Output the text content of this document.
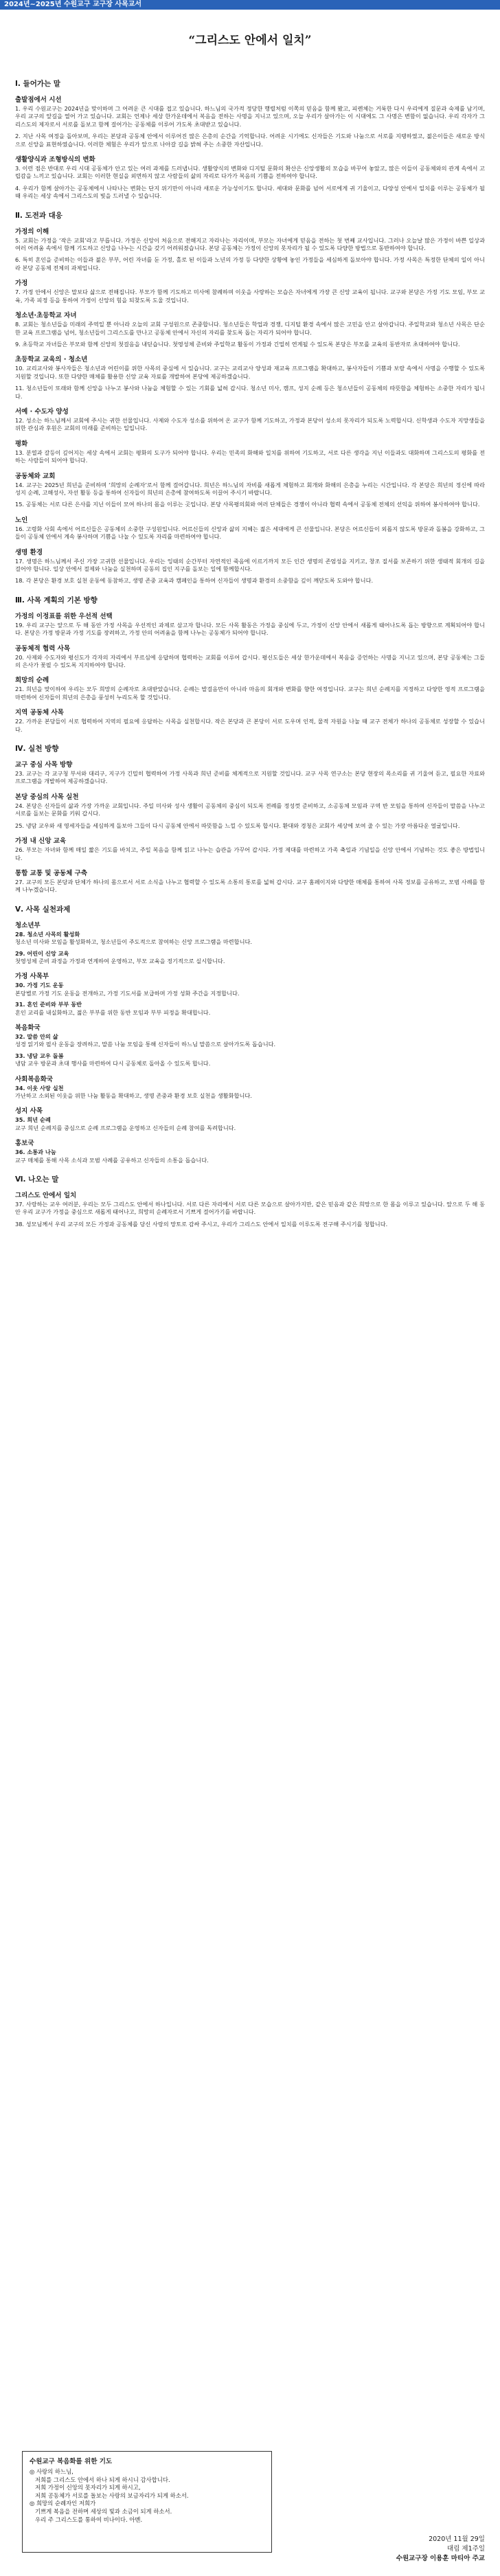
2024년~2025년 수원교구 교구장 사목교서
“그리스도 안에서 일치”
Ⅰ. 들어가는 말
출발점에서 시선

1. 우리 수원교구는 2024년을 맞이하며 그 어려운 큰 시대를 접고 있습니다. 하느님의 국가적 정당한 행렬처럼 이쪽의 믿음을 함께 봤고, 피렌체는 거룩한 다시 우리에게 질문과 숙제를 남기며, 우리 교구의 앞길을 열어 가고 있습니다. 교회는 언제나 세상 한가운데에서 복음을 전하는 사명을 지니고 있으며, 오늘 우리가 살아가는 이 시대에도 그 사명은 변함이 없습니다. 우리 각자가 그리스도의 제자로서 서로를 돌보고 함께 걸어가는 공동체를 이루어 가도록 초대받고 있습니다.

2. 지난 사목 여정을 돌아보며, 우리는 본당과 공동체 안에서 이루어진 많은 은총의 순간을 기억합니다. 어려운 시기에도 신자들은 기도와 나눔으로 서로를 지탱하였고, 젊은이들은 새로운 방식으로 신앙을 표현하였습니다. 이러한 체험은 우리가 앞으로 나아갈 길을 밝혀 주는 소중한 자산입니다.

생활양식과 조형방식의 변화

3. 이런 점은 반대로 우리 시대 공동체가 안고 있는 여러 과제를 드러냅니다. 생활양식의 변화와 디지털 문화의 확산은 신앙생활의 모습을 바꾸어 놓았고, 많은 이들이 공동체와의 관계 속에서 고립감을 느끼고 있습니다. 교회는 이러한 현실을 외면하지 않고 사람들의 삶의 자리로 다가가 복음의 기쁨을 전하여야 합니다.

4. 우리가 함께 살아가는 공동체에서 나타나는 변화는 단지 위기만이 아니라 새로운 가능성이기도 합니다. 세대와 문화를 넘어 서로에게 귀 기울이고, 다양성 안에서 일치를 이루는 공동체가 될 때 우리는 세상 속에서 그리스도의 빛을 드러낼 수 있습니다.

Ⅱ. 도전과 대응
가정의 이해

5. 교회는 가정을 ‘작은 교회’라고 부릅니다. 가정은 신앙이 처음으로 전해지고 자라나는 자리이며, 부모는 자녀에게 믿음을 전하는 첫 번째 교사입니다. 그러나 오늘날 많은 가정이 바쁜 일상과 여러 어려움 속에서 함께 기도하고 신앙을 나누는 시간을 갖기 어려워졌습니다. 본당 공동체는 가정이 신앙의 못자리가 될 수 있도록 다양한 방법으로 동반하여야 합니다.

6. 특히 혼인을 준비하는 이들과 젊은 부부, 어린 자녀를 둔 가정, 홀로 된 이들과 노년의 가정 등 다양한 상황에 놓인 가정들을 세심하게 돌보아야 합니다. 가정 사목은 특정한 단체의 일이 아니라 본당 공동체 전체의 과제입니다.

가정

7. 가정 안에서 신앙은 말보다 삶으로 전해집니다. 부모가 함께 기도하고 미사에 참례하며 이웃을 사랑하는 모습은 자녀에게 가장 큰 신앙 교육이 됩니다. 교구와 본당은 가정 기도 모임, 부모 교육, 가족 피정 등을 통하여 가정이 신앙의 힘을 되찾도록 도울 것입니다.

청소년·초등학교 자녀

8. 교회는 청소년들을 미래의 주역일 뿐 아니라 오늘의 교회 구성원으로 존중합니다. 청소년들은 학업과 경쟁, 디지털 환경 속에서 많은 고민을 안고 살아갑니다. 주일학교와 청소년 사목은 단순한 교육 프로그램을 넘어, 청소년들이 그리스도를 만나고 공동체 안에서 자신의 자리를 찾도록 돕는 자리가 되어야 합니다.

9. 초등학교 자녀들은 부모와 함께 신앙의 첫걸음을 내딛습니다. 첫영성체 준비와 주일학교 활동이 가정과 긴밀히 연계될 수 있도록 본당은 부모를 교육의 동반자로 초대하여야 합니다.

초등학교 교육의 · 청소년

10. 교리교사와 봉사자들은 청소년과 어린이를 위한 사목의 중심에 서 있습니다. 교구는 교리교사 양성과 재교육 프로그램을 확대하고, 봉사자들이 기쁨과 보람 속에서 사명을 수행할 수 있도록 지원할 것입니다. 또한 다양한 매체를 활용한 신앙 교육 자료를 개발하여 본당에 제공하겠습니다.

11. 청소년들이 또래와 함께 신앙을 나누고 봉사와 나눔을 체험할 수 있는 기회를 넓혀 갑시다. 청소년 미사, 캠프, 성지 순례 등은 청소년들이 공동체의 따뜻함을 체험하는 소중한 자리가 됩니다.

서예 · 수도자 양성

12. 성소는 하느님께서 교회에 주시는 귀한 선물입니다. 사제와 수도자 성소를 위하여 온 교구가 함께 기도하고, 가정과 본당이 성소의 못자리가 되도록 노력합시다. 신학생과 수도자 지망생들을 위한 관심과 후원은 교회의 미래를 준비하는 일입니다.

평화

13. 분열과 갈등이 깊어지는 세상 속에서 교회는 평화의 도구가 되어야 합니다. 우리는 민족의 화해와 일치를 위하여 기도하고, 서로 다른 생각을 지닌 이들과도 대화하며 그리스도의 평화를 전하는 사람들이 되어야 합니다.

공동체와 교회

14. 교구는 2025년 희년을 준비하며 ‘희망의 순례자’로서 함께 걸어갑니다. 희년은 하느님의 자비를 새롭게 체험하고 회개와 화해의 은총을 누리는 시간입니다. 각 본당은 희년의 정신에 따라 성지 순례, 고해성사, 자선 활동 등을 통하여 신자들이 희년의 은총에 참여하도록 이끌어 주시기 바랍니다.

15. 공동체는 서로 다른 은사를 지닌 이들이 모여 하나의 몸을 이루는 곳입니다. 본당 사목평의회와 여러 단체들은 경쟁이 아니라 협력 속에서 공동체 전체의 선익을 위하여 봉사하여야 합니다.

노인

16. 고령화 사회 속에서 어르신들은 공동체의 소중한 구성원입니다. 어르신들의 신앙과 삶의 지혜는 젊은 세대에게 큰 선물입니다. 본당은 어르신들이 외롭지 않도록 방문과 돌봄을 강화하고, 그들이 공동체 안에서 계속 봉사하며 기쁨을 나눌 수 있도록 자리를 마련하여야 합니다.

생명 환경

17. 생명은 하느님께서 주신 가장 고귀한 선물입니다. 우리는 잉태의 순간부터 자연적인 죽음에 이르기까지 모든 인간 생명의 존엄성을 지키고, 창조 질서를 보존하기 위한 생태적 회개의 길을 걸어야 합니다. 일상 안에서 절제와 나눔을 실천하며 공동의 집인 지구를 돌보는 일에 함께합시다.

18. 각 본당은 환경 보호 실천 운동에 동참하고, 생명 존중 교육과 캠페인을 통하여 신자들이 생명과 환경의 소중함을 깊이 깨닫도록 도와야 합니다.

Ⅲ. 사목 계획의 기본 방향
가정의 이정표를 위한 우선적 선택

19. 우리 교구는 앞으로 두 해 동안 가정 사목을 우선적인 과제로 삼고자 합니다. 모든 사목 활동은 가정을 중심에 두고, 가정이 신앙 안에서 새롭게 태어나도록 돕는 방향으로 계획되어야 합니다. 본당은 가정 방문과 가정 기도를 장려하고, 가정 안의 어려움을 함께 나누는 공동체가 되어야 합니다.

공동체적 협력 사목

20. 사제와 수도자와 평신도가 각자의 자리에서 부르심에 응답하며 협력하는 교회를 이루어 갑시다. 평신도들은 세상 한가운데에서 복음을 증언하는 사명을 지니고 있으며, 본당 공동체는 그들의 은사가 꽃필 수 있도록 지지하여야 합니다.

희망의 순례

21. 희년을 맞이하여 우리는 모두 희망의 순례자로 초대받았습니다. 순례는 발걸음만이 아니라 마음의 회개와 변화를 향한 여정입니다. 교구는 희년 순례지를 지정하고 다양한 영적 프로그램을 마련하여 신자들이 희년의 은총을 풍성히 누리도록 할 것입니다.

지역 공동체 사목

22. 가까운 본당들이 서로 협력하여 지역의 필요에 응답하는 사목을 실천합시다. 작은 본당과 큰 본당이 서로 도우며 인적, 물적 자원을 나눌 때 교구 전체가 하나의 공동체로 성장할 수 있습니다.

Ⅳ. 실천 방향
교구 중심 사목 방향

23. 교구는 각 교구청 부서와 대리구, 지구가 긴밀히 협력하여 가정 사목과 희년 준비를 체계적으로 지원할 것입니다. 교구 사목 연구소는 본당 현장의 목소리를 귀 기울여 듣고, 필요한 자료와 프로그램을 개발하여 제공하겠습니다.

본당 중심의 사목 실천

24. 본당은 신자들의 삶과 가장 가까운 교회입니다. 주일 미사와 성사 생활이 공동체의 중심이 되도록 전례를 정성껏 준비하고, 소공동체 모임과 구역 반 모임을 통하여 신자들이 말씀을 나누고 서로를 돌보는 문화를 키워 갑시다.

25. 냉담 교우와 새 영세자들을 세심하게 돌보아 그들이 다시 공동체 안에서 따뜻함을 느낄 수 있도록 합시다. 환대와 경청은 교회가 세상에 보여 줄 수 있는 가장 아름다운 얼굴입니다.

가정 내 신앙 교육

26. 부모는 자녀와 함께 매일 짧은 기도를 바치고, 주일 복음을 함께 읽고 나누는 습관을 가꾸어 갑시다. 가정 제대를 마련하고 가족 축일과 기념일을 신앙 안에서 기념하는 것도 좋은 방법입니다.

통합 교통 및 공동체 구축

27. 교구의 모든 본당과 단체가 하나의 몸으로서 서로 소식을 나누고 협력할 수 있도록 소통의 통로를 넓혀 갑시다. 교구 홈페이지와 다양한 매체를 통하여 사목 정보를 공유하고, 모범 사례를 함께 나누겠습니다.

Ⅴ. 사목 실천과제
청소년부
28. 청소년 사목의 활성화
청소년 미사와 모임을 활성화하고, 청소년들이 주도적으로 참여하는 신앙 프로그램을 마련합니다.
29. 어린이 신앙 교육
첫영성체 준비 과정을 가정과 연계하여 운영하고, 부모 교육을 정기적으로 실시합니다.
가정 사목부
30. 가정 기도 운동
본당별로 가정 기도 운동을 전개하고, 가정 기도서를 보급하며 가정 성화 주간을 지정합니다.
31. 혼인 준비와 부부 동반
혼인 교리를 내실화하고, 젊은 부부를 위한 동반 모임과 부부 피정을 확대합니다.
복음화국
32. 말씀 안의 삶
성경 읽기와 필사 운동을 장려하고, 말씀 나눔 모임을 통해 신자들이 하느님 말씀으로 살아가도록 돕습니다.
33. 냉담 교우 돌봄
냉담 교우 방문과 초대 행사를 마련하여 다시 공동체로 돌아올 수 있도록 합니다.
사회복음화국
34. 이웃 사랑 실천
가난하고 소외된 이웃을 위한 나눔 활동을 확대하고, 생명 존중과 환경 보호 실천을 생활화합니다.
성지 사목
35. 희년 순례
교구 희년 순례지를 중심으로 순례 프로그램을 운영하고 신자들의 순례 참여를 독려합니다.
홍보국
36. 소통과 나눔
교구 매체를 통해 사목 소식과 모범 사례를 공유하고 신자들의 소통을 돕습니다.
Ⅵ. 나오는 말
그리스도 안에서 일치

37. 사랑하는 교우 여러분, 우리는 모두 그리스도 안에서 하나입니다. 서로 다른 자리에서 서로 다른 모습으로 살아가지만, 같은 믿음과 같은 희망으로 한 몸을 이루고 있습니다. 앞으로 두 해 동안 우리 교구가 가정을 중심으로 새롭게 태어나고, 희망의 순례자로서 기쁘게 걸어가기를 바랍니다.

38. 성모님께서 우리 교구의 모든 가정과 공동체를 당신 사랑의 망토로 감싸 주시고, 우리가 그리스도 안에서 일치를 이루도록 전구해 주시기를 청합니다.

수원교구 복음화를 위한 기도
◎ 사랑의 하느님,
저희를 그리스도 안에서 하나 되게 하시니 감사합니다.
저희 가정이 신앙의 못자리가 되게 하시고,
저희 공동체가 서로를 돌보는 사랑의 보금자리가 되게 하소서.
◎ 희망의 순례자인 저희가
기쁘게 복음을 전하며 세상의 빛과 소금이 되게 하소서.
우리 주 그리스도를 통하여 비나이다. 아멘.
2020년 11월 29일
대림 제1주일
수원교구장 이용훈 마티아 주교
